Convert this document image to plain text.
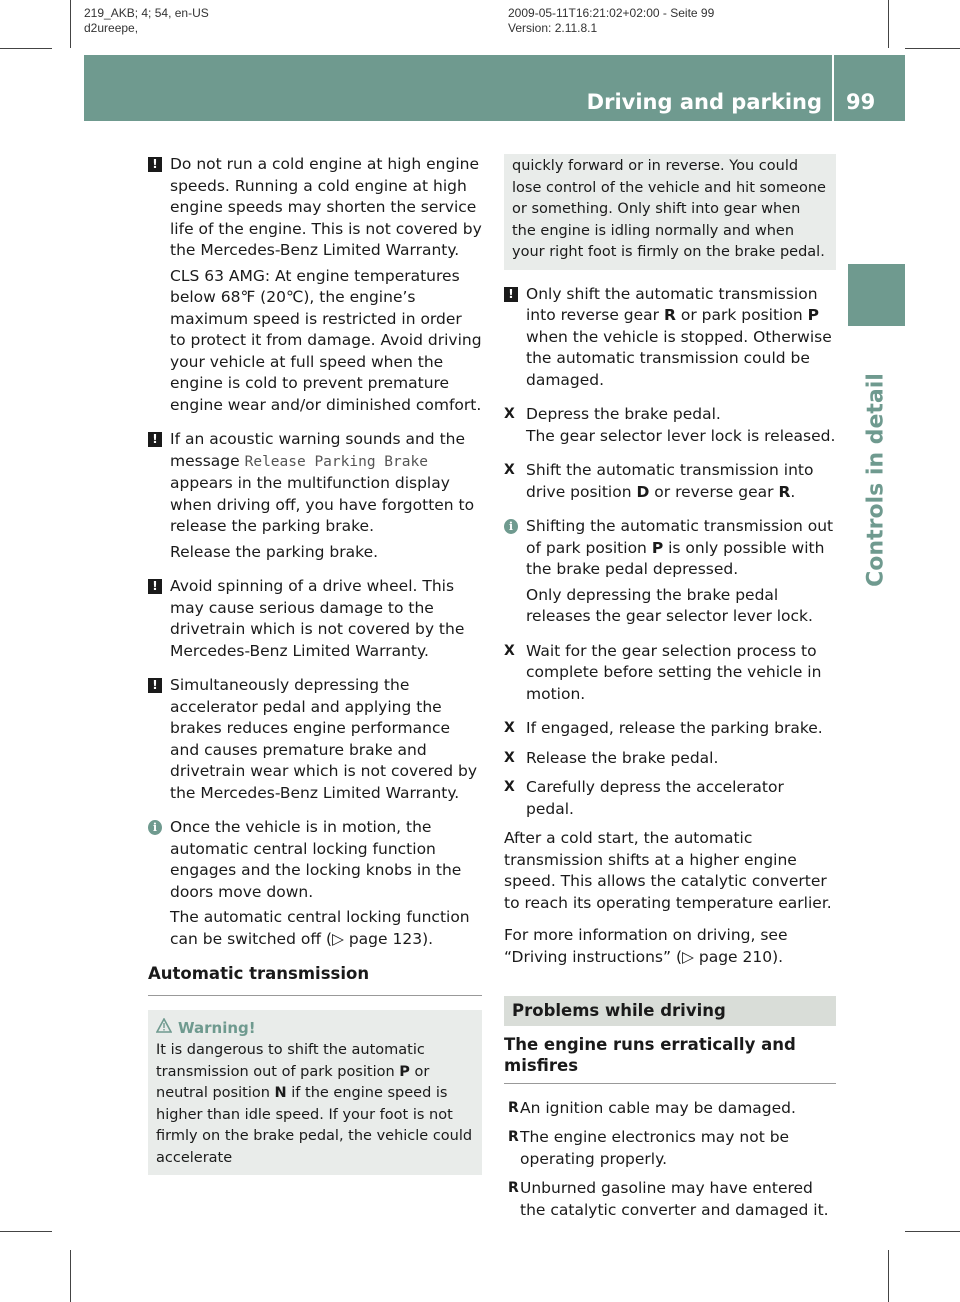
219_AKB; 4; 54, en-US
d2ureepe,
2009-05-11T16:21:02+02:00 - Seite 99
Version: 2.11.8.1
Driving and parking 99
Controls in detail
! Do not run a cold engine at high engine speeds. Running a cold engine at high engine speeds may shorten the service life of the engine. This is not covered by the Mercedes-Benz Limited Warranty.
CLS 63 AMG: At engine temperatures below 68℉ (20℃), the engine’s maximum speed is restricted in order to protect it from damage. Avoid driving your vehicle at full speed when the engine is cold to prevent premature engine wear and/or diminished comfort.
! If an acoustic warning sounds and the message Release Parking Brake appears in the multifunction display when driving off, you have forgotten to release the parking brake.
Release the parking brake.
! Avoid spinning of a drive wheel. This may cause serious damage to the drivetrain which is not covered by the Mercedes-Benz Limited Warranty.
! Simultaneously depressing the accelerator pedal and applying the brakes reduces engine performance and causes premature brake and drivetrain wear which is not covered by the Mercedes-Benz Limited Warranty.
i Once the vehicle is in motion, the automatic central locking function engages and the locking knobs in the doors move down.
The automatic central locking function can be switched off (▷ page 123).
Automatic transmission
Warning!
It is dangerous to shift the automatic transmission out of park position P or neutral position N if the engine speed is higher than idle speed. If your foot is not firmly on the brake pedal, the vehicle could accelerate
quickly forward or in reverse. You could lose control of the vehicle and hit someone or something. Only shift into gear when the engine is idling normally and when your right foot is firmly on the brake pedal.
! Only shift the automatic transmission into reverse gear R or park position P when the vehicle is stopped. Otherwise the automatic transmission could be damaged.
X Depress the brake pedal.
The gear selector lever lock is released.
X Shift the automatic transmission into drive position D or reverse gear R.
i Shifting the automatic transmission out of park position P is only possible with the brake pedal depressed.
Only depressing the brake pedal releases the gear selector lever lock.
X Wait for the gear selection process to complete before setting the vehicle in motion.
X If engaged, release the parking brake.
X Release the brake pedal.
X Carefully depress the accelerator pedal.
After a cold start, the automatic transmission shifts at a higher engine speed. This allows the catalytic converter to reach its operating temperature earlier.
For more information on driving, see “Driving instructions” (▷ page 210).
Problems while driving
The engine runs erratically and misfires
R An ignition cable may be damaged.
R The engine electronics may not be operating properly.
R Unburned gasoline may have entered the catalytic converter and damaged it.
